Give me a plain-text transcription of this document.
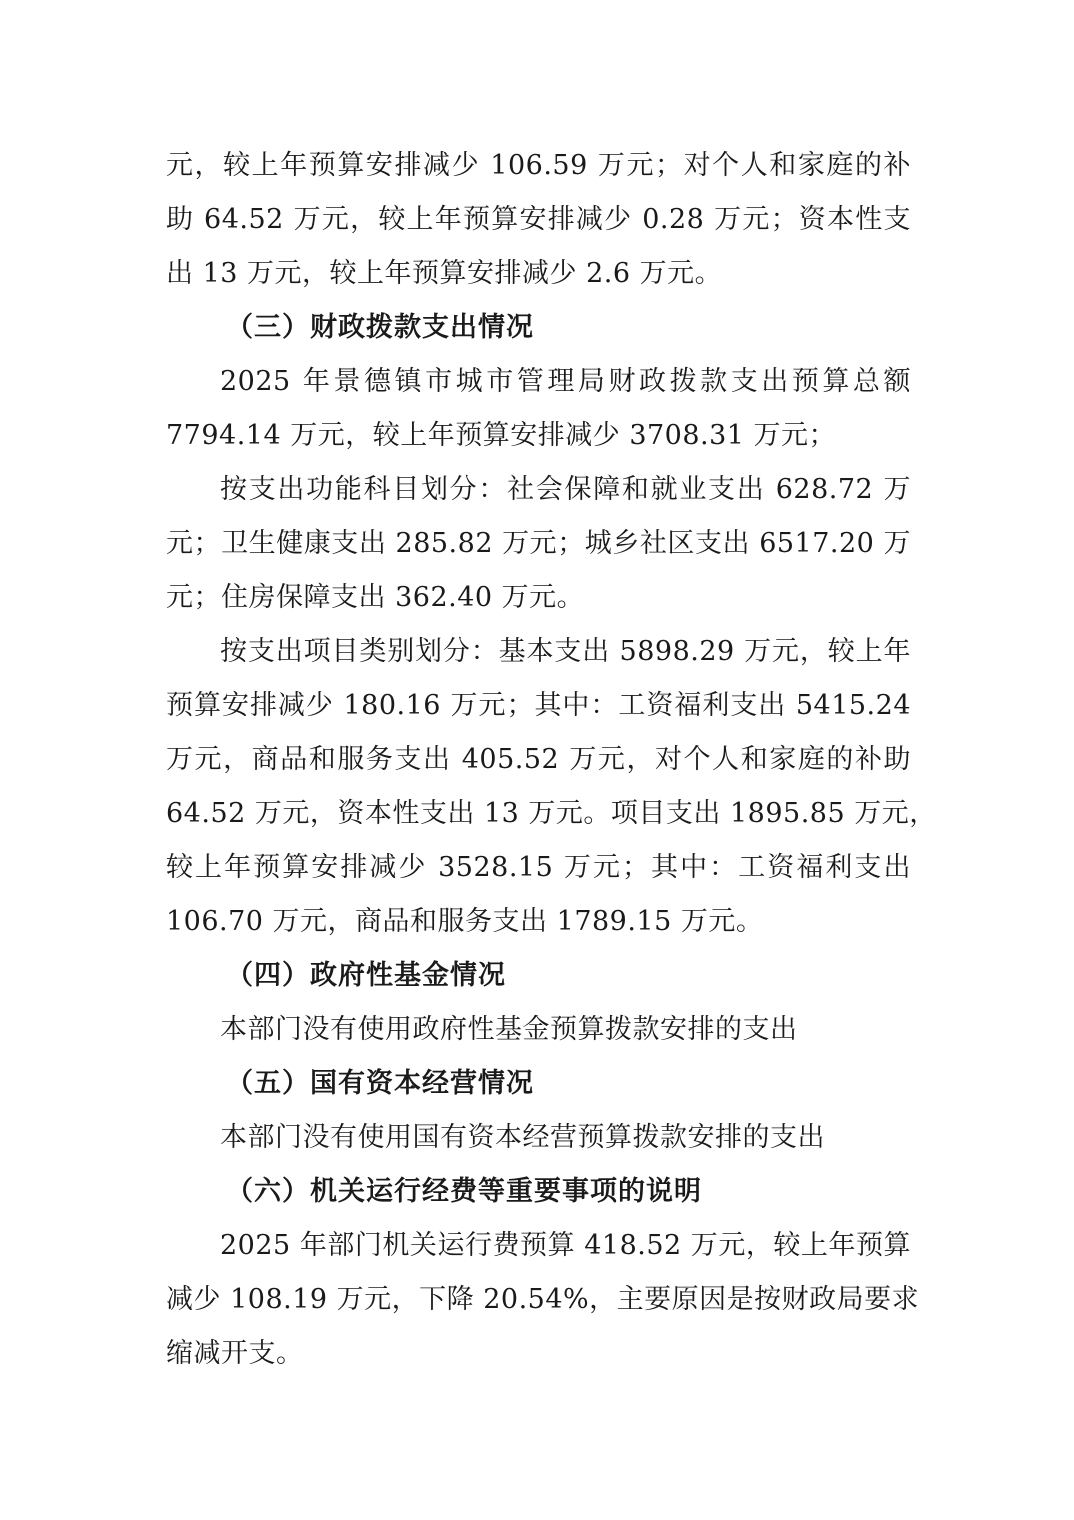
元，较上年预算安排减少 106.59 万元；对个人和家庭的补
助 64.52 万元，较上年预算安排减少 0.28 万元；资本性支
出 13 万元，较上年预算安排减少 2.6 万元。
（三）财政拨款支出情况
2025 年景德镇市城市管理局财政拨款支出预算总额
7794.14 万元，较上年预算安排减少 3708.31 万元；
按支出功能科目划分：社会保障和就业支出 628.72 万
元；卫生健康支出 285.82 万元；城乡社区支出 6517.20 万
元；住房保障支出 362.40 万元。
按支出项目类别划分：基本支出 5898.29 万元，较上年
预算安排减少 180.16 万元；其中：工资福利支出 5415.24
万元，商品和服务支出 405.52 万元，对个人和家庭的补助
64.52 万元，资本性支出 13 万元。项目支出 1895.85 万元，
较上年预算安排减少 3528.15 万元；其中：工资福利支出
106.70 万元，商品和服务支出 1789.15 万元。
（四）政府性基金情况
本部门没有使用政府性基金预算拨款安排的支出
（五）国有资本经营情况
本部门没有使用国有资本经营预算拨款安排的支出
（六）机关运行经费等重要事项的说明
2025 年部门机关运行费预算 418.52 万元，较上年预算
减少 108.19 万元，下降 20.54%，主要原因是按财政局要求
缩减开支。
